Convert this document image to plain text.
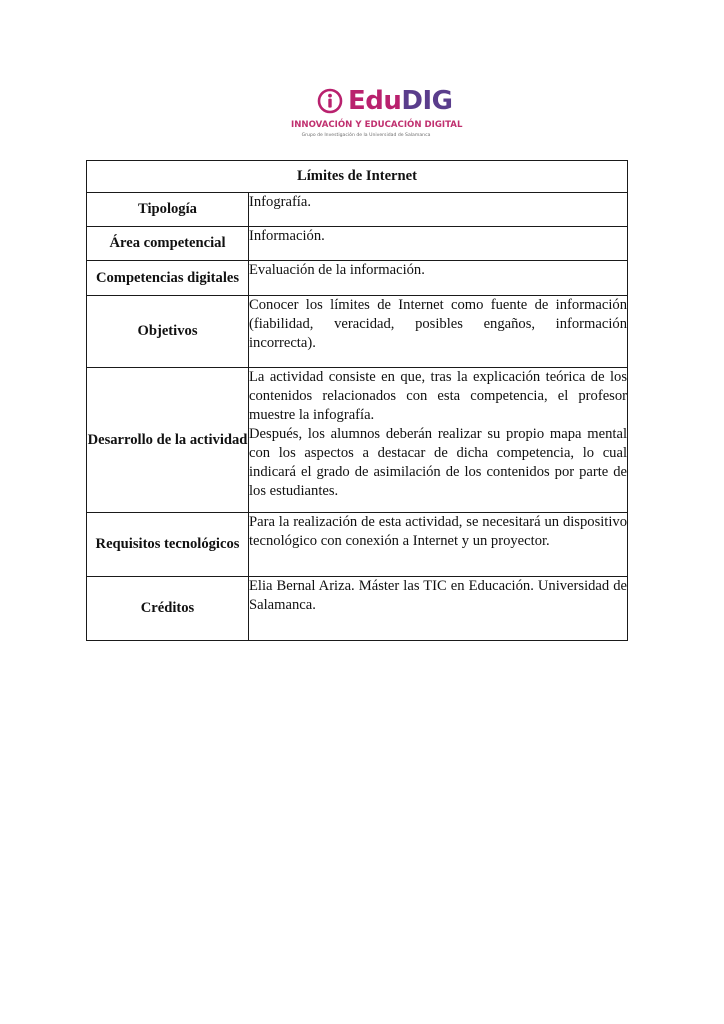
EduDIG
INNOVACIÓN Y EDUCACIÓN DIGITAL
Grupo de Investigación de la Universidad de Salamanca
Límites de Internet	
Tipología	Infografía.

Área competencial	Información.

Competencias digitales	Evaluación de la información.

Objetivos	Conocer los límites de Internet como fuente de información (fiabilidad, veracidad, posibles engaños, información incorrecta).

Desarrollo de la actividad	La actividad consiste en que, tras la explicación teórica de los contenidos relacionados con esta competencia, el profesor muestre la infografía.
Después, los alumnos deberán realizar su propio mapa mental con los aspectos a destacar de dicha competencia, lo cual indicará el grado de asimilación de los contenidos por parte de los estudiantes.

Requisitos tecnológicos	Para la realización de esta actividad, se necesitará un dispositivo tecnológico con conexión a Internet y un proyector.

Créditos	Elia Bernal Ariza. Máster las TIC en Educación. Universidad de Salamanca.
